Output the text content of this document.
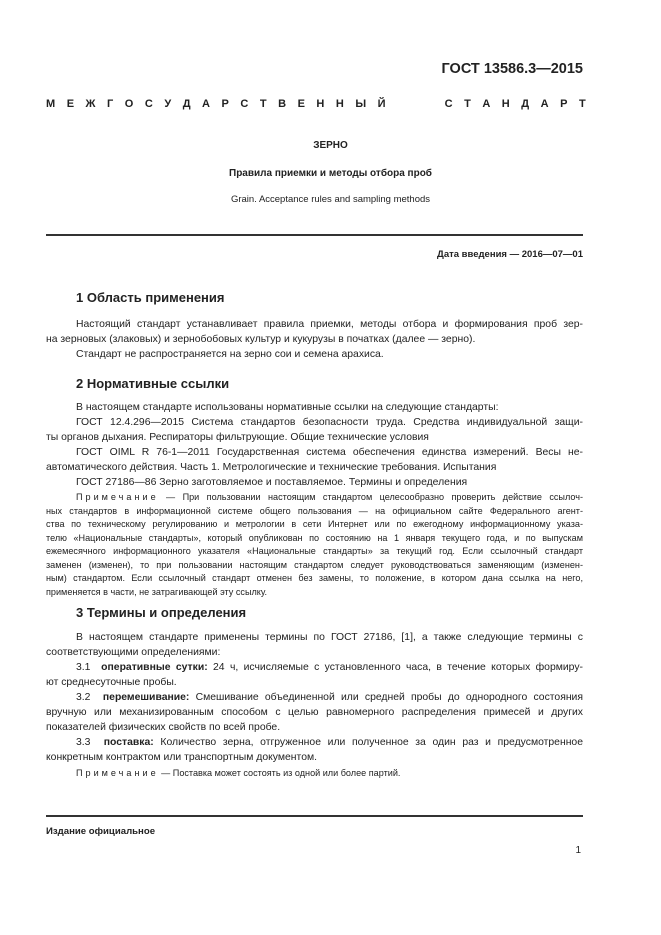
ГОСТ 13586.3—2015
М Е Ж Г О С У Д А Р С Т В Е Н Н Ы Й	С Т А Н Д А Р Т
ЗЕРНО
Правила приемки и методы отбора проб
Grain. Acceptance rules and sampling methods
Дата введения — 2016—07—01
1 Область применения
Настоящий стандарт устанавливает правила приемки, методы отбора и формирования проб зер-
на зерновых (злаковых) и зернобобовых культур и кукурузы в початках (далее — зерно).
Стандарт не распространяется на зерно сои и семена арахиса.
2 Нормативные ссылки
В настоящем стандарте использованы нормативные ссылки на следующие стандарты:
ГОСТ 12.4.296—2015 Система стандартов безопасности труда. Средства индивидуальной защи-
ты органов дыхания. Респираторы фильтрующие. Общие технические условия
ГОСТ OIML R 76-1—2011 Государственная система обеспечения единства измерений. Весы не-
автоматического действия. Часть 1. Метрологические и технические требования. Испытания
ГОСТ 27186—86 Зерно заготовляемое и поставляемое. Термины и определения
Примечание — При пользовании настоящим стандартом целесообразно проверить действие ссылоч-
ных стандартов в информационной системе общего пользования — на официальном сайте Федерального агент-
ства по техническому регулированию и метрологии в сети Интернет или по ежегодному информационному указа-
телю «Национальные стандарты», который опубликован по состоянию на 1 января текущего года, и по выпускам
ежемесячного информационного указателя «Национальные стандарты» за текущий год. Если ссылочный стандарт
заменен (изменен), то при пользовании настоящим стандартом следует руководствоваться заменяющим (изменен-
ным) стандартом. Если ссылочный стандарт отменен без замены, то положение, в котором дана ссылка на него,
применяется в части, не затрагивающей эту ссылку.
3 Термины и определения
В настоящем стандарте применены термины по ГОСТ 27186, [1], а также следующие термины с
соответствующими определениями:
3.1 оперативные сутки: 24 ч, исчисляемые с установленного часа, в течение которых формиру-
ют среднесуточные пробы.
3.2 перемешивание: Смешивание объединенной или средней пробы до однородного состояния
вручную или механизированным способом с целью равномерного распределения примесей и других
показателей физических свойств по всей пробе.
3.3 поставка: Количество зерна, отгруженное или полученное за один раз и предусмотренное
конкретным контрактом или транспортным документом.
Примечание — Поставка может состоять из одной или более партий.
Издание официальное
1
